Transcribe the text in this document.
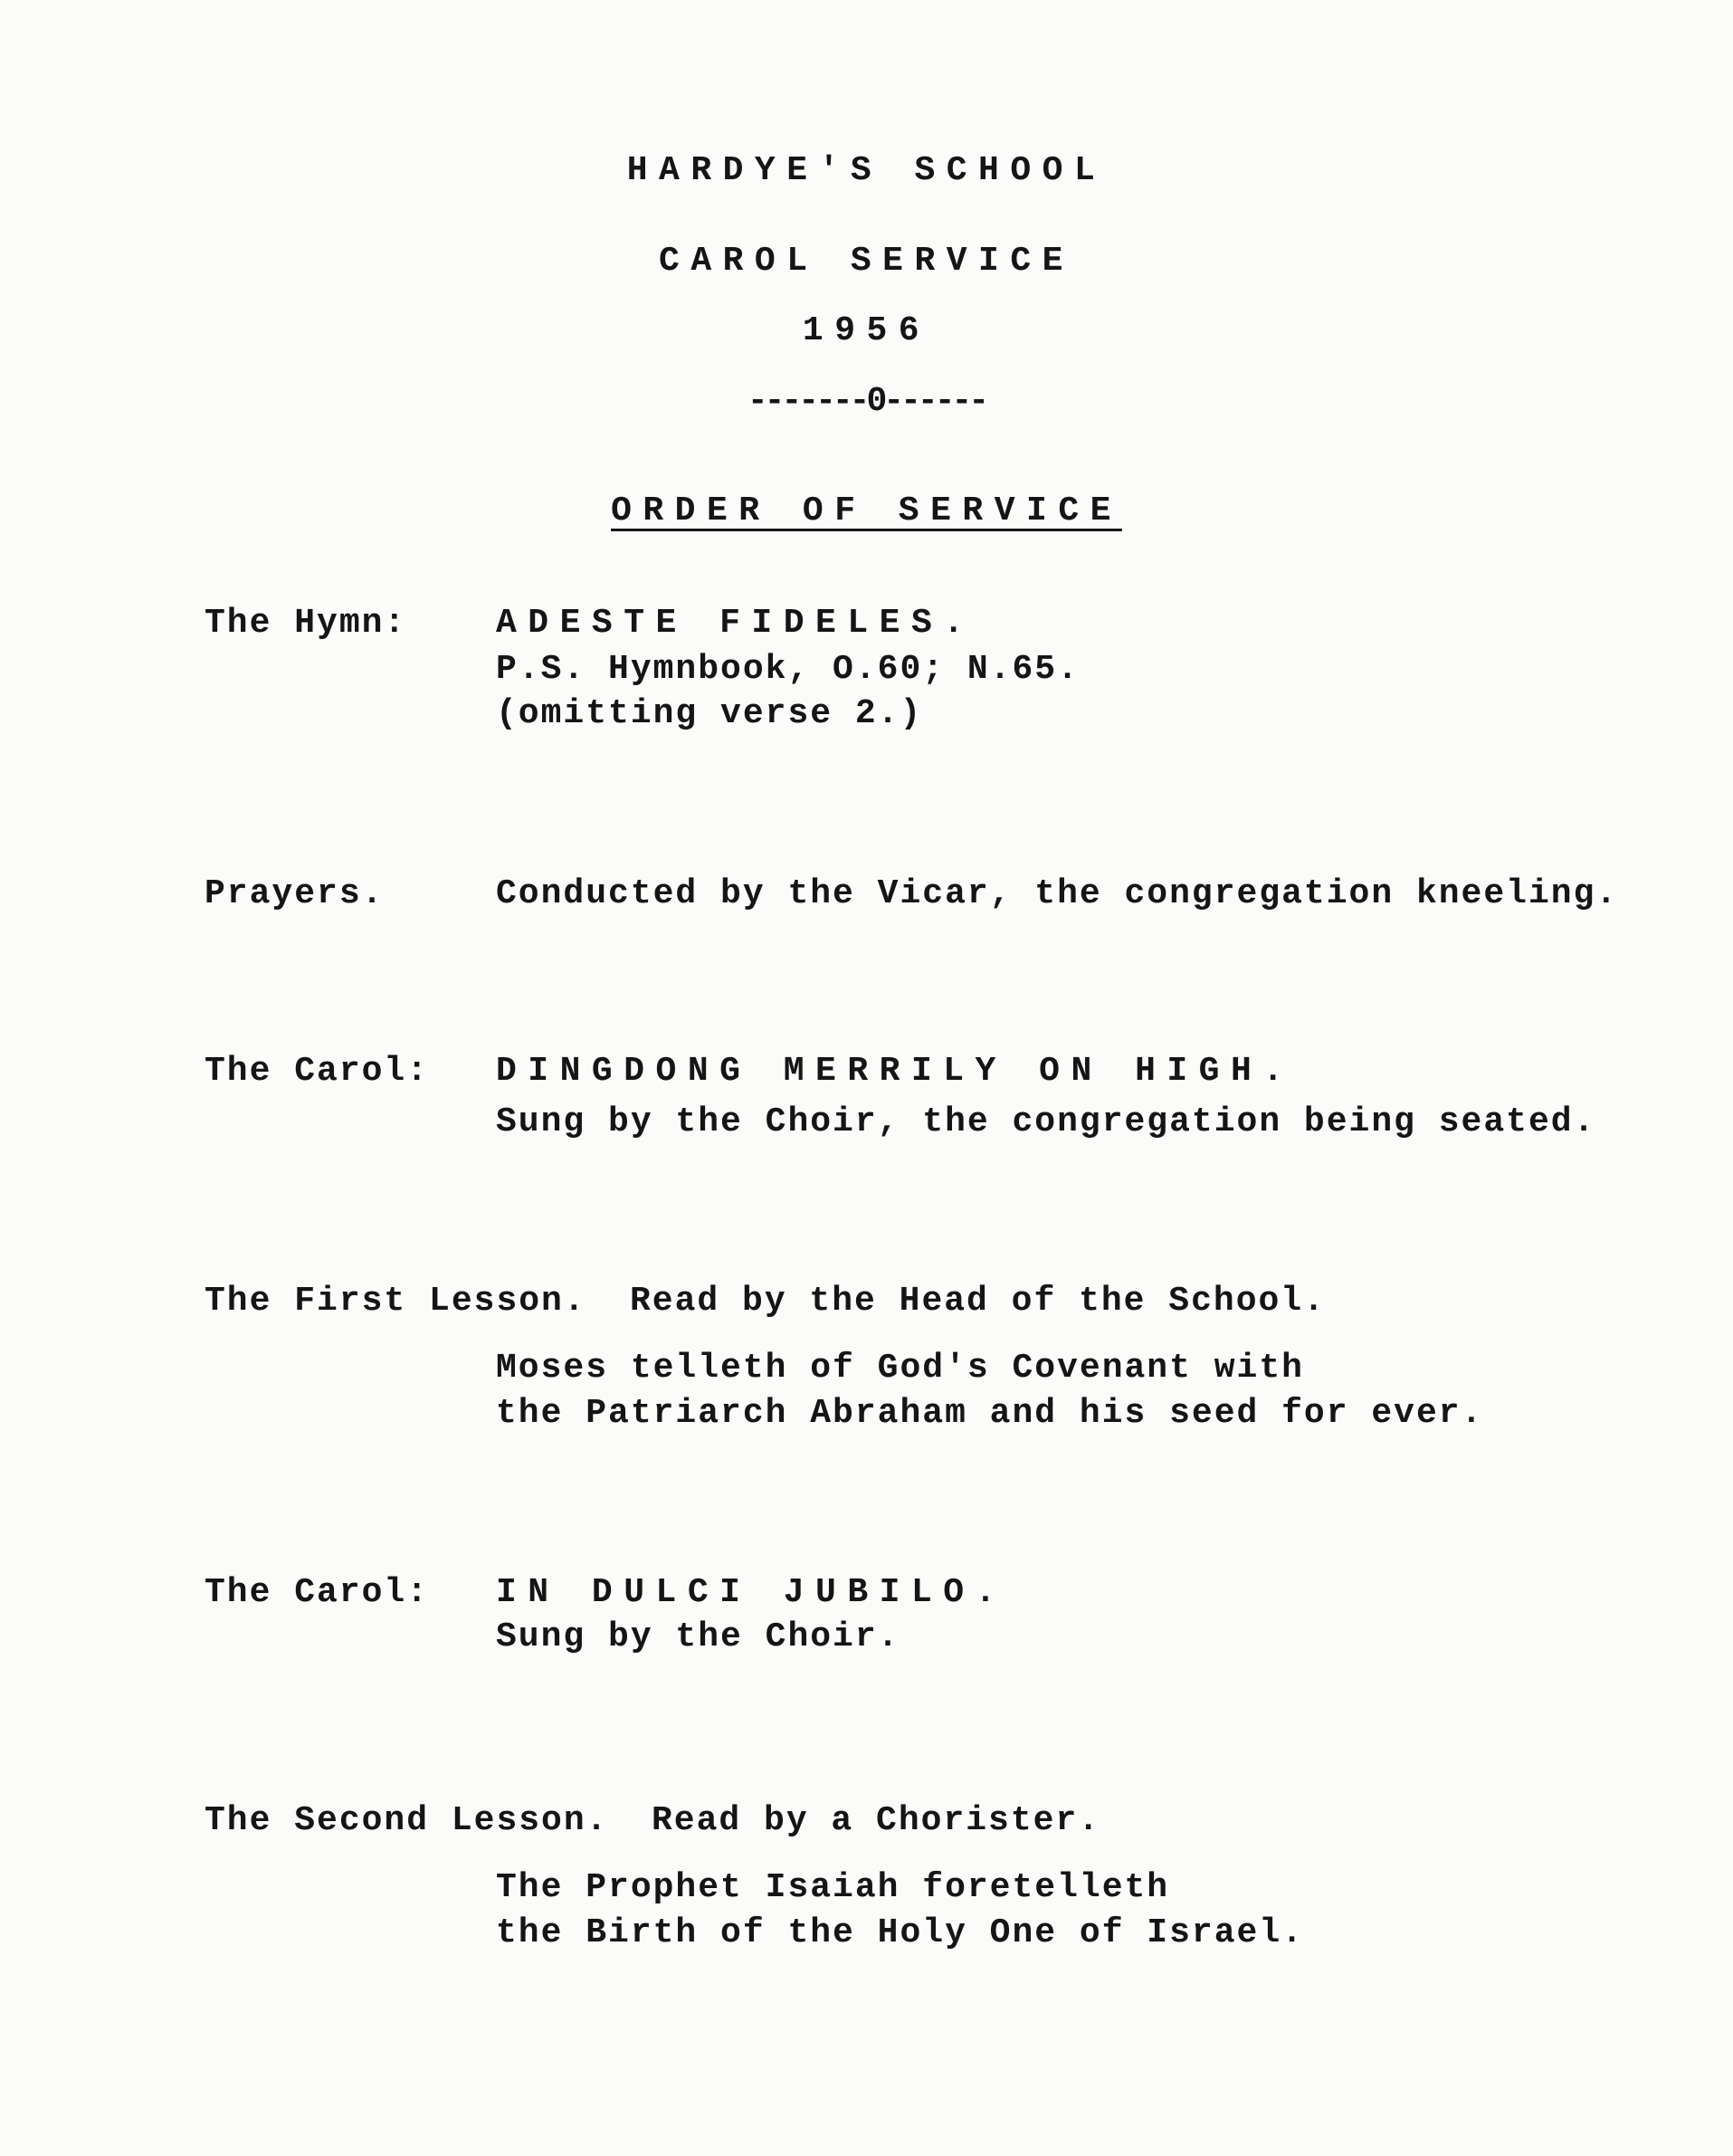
HARDYE'S SCHOOL
CAROL SERVICE
1956
-------0------
ORDER OF SERVICE
The Hymn:	ADESTE FIDELES.
P.S. Hymnbook, O.60; N.65.
(omitting verse 2.)
Prayers.	Conducted by the Vicar, the congregation kneeling.
The Carol: DINGDONG MERRILY ON HIGH.
Sung by the Choir, the congregation being seated.
The First Lesson. Read by the Head of the School.
Moses telleth of God's Covenant with
the Patriarch Abraham and his seed for ever.
The Carol: IN DULCI JUBILO.
Sung by the Choir.
The Second Lesson. Read by a Chorister.
The Prophet Isaiah foretelleth
the Birth of the Holy One of Israel.
